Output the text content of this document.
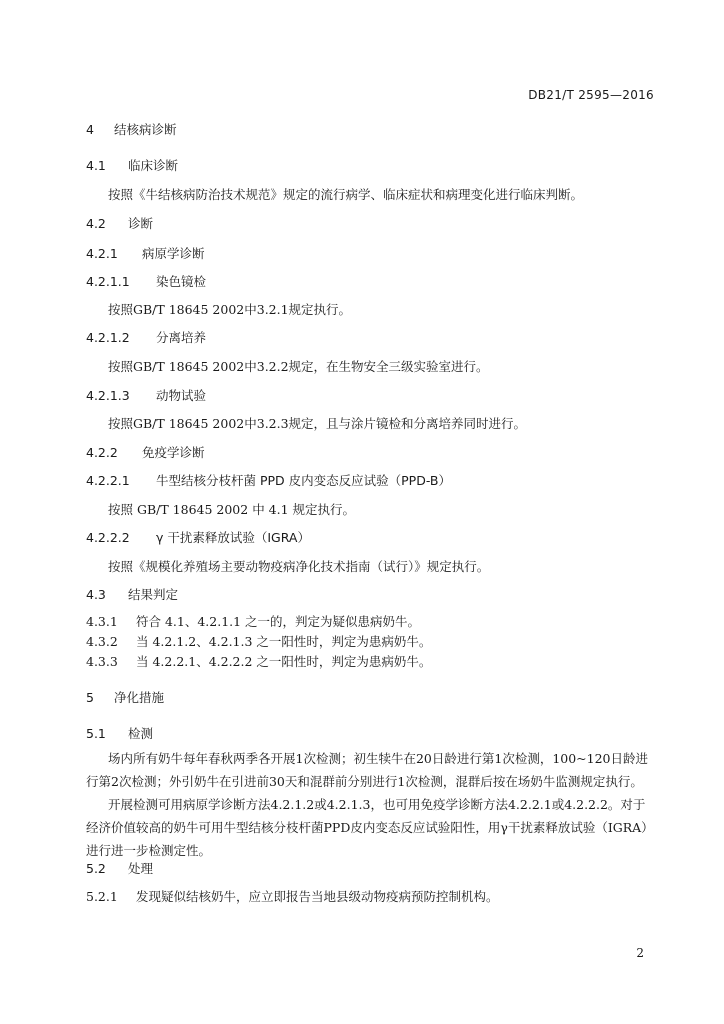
DB21/T 2595—2016
4 结核病诊断
4.1 临床诊断
按照《牛结核病防治技术规范》规定的流行病学、临床症状和病理变化进行临床判断。
4.2 诊断
4.2.1 病原学诊断
4.2.1.1 染色镜检
按照GB/T 18645 2002中3.2.1规定执行。
4.2.1.2 分离培养
按照GB/T 18645 2002中3.2.2规定，在生物安全三级实验室进行。
4.2.1.3 动物试验
按照GB/T 18645 2002中3.2.3规定，且与涂片镜检和分离培养同时进行。
4.2.2 免疫学诊断
4.2.2.1 牛型结核分枝杆菌 PPD 皮内变态反应试验（PPD-B）
按照 GB/T 18645 2002 中 4.1 规定执行。
4.2.2.2 γ 干扰素释放试验（IGRA）
按照《规模化养殖场主要动物疫病净化技术指南（试行）》规定执行。
4.3 结果判定
4.3.1 符合 4.1、4.2.1.1 之一的，判定为疑似患病奶牛。
4.3.2 当 4.2.1.2、4.2.1.3 之一阳性时，判定为患病奶牛。
4.3.3 当 4.2.2.1、4.2.2.2 之一阳性时，判定为患病奶牛。
5 净化措施
5.1 检测
场内所有奶牛每年春秋两季各开展1次检测；初生犊牛在20日龄进行第1次检测，100~120日龄进行第2次检测；外引奶牛在引进前30天和混群前分别进行1次检测，混群后按在场奶牛监测规定执行。
开展检测可用病原学诊断方法4.2.1.2或4.2.1.3，也可用免疫学诊断方法4.2.2.1或4.2.2.2。对于经济价值较高的奶牛可用牛型结核分枝杆菌PPD皮内变态反应试验阳性，用γ干扰素释放试验（IGRA）进行进一步检测定性。
5.2 处理
5.2.1 发现疑似结核奶牛，应立即报告当地县级动物疫病预防控制机构。
2
